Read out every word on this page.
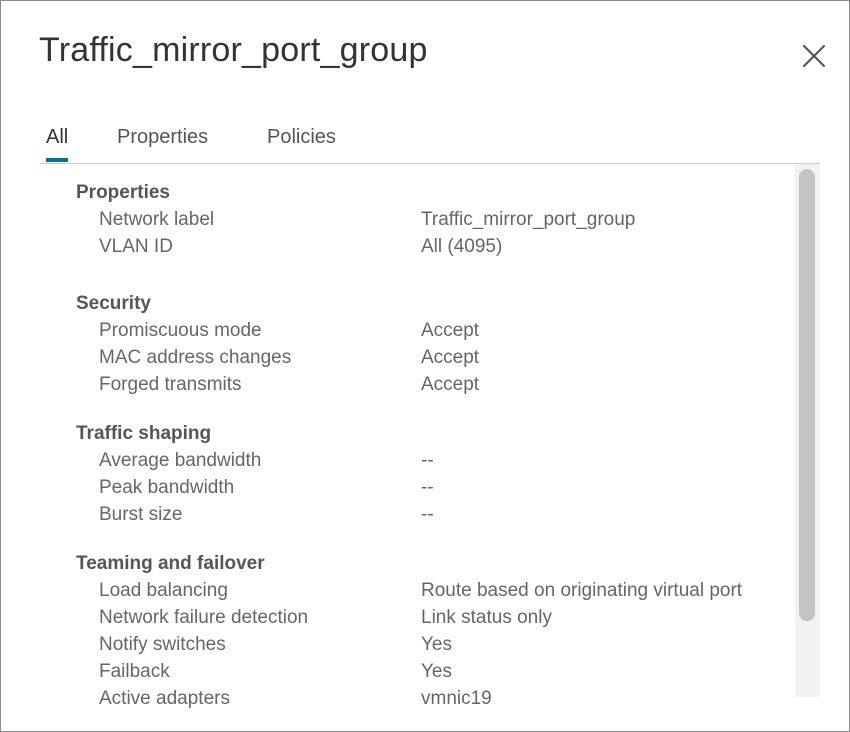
Traffic_mirror_port_group
All Properties	Policies
Properties
Network label	Traffic_mirror_port_group
VLAN ID	All (4095)
Security
Promiscuous mode	Accept
MAC address changes	Accept
Forged transmits	Accept
Traffic shaping
Average bandwidth	--
Peak bandwidth	--
Burst size	--
Teaming and failover
Load balancing	Route based on originating virtual port
Network failure detection	Link status only
Notify switches	Yes
Failback	Yes
Active adapters	vmnic19
